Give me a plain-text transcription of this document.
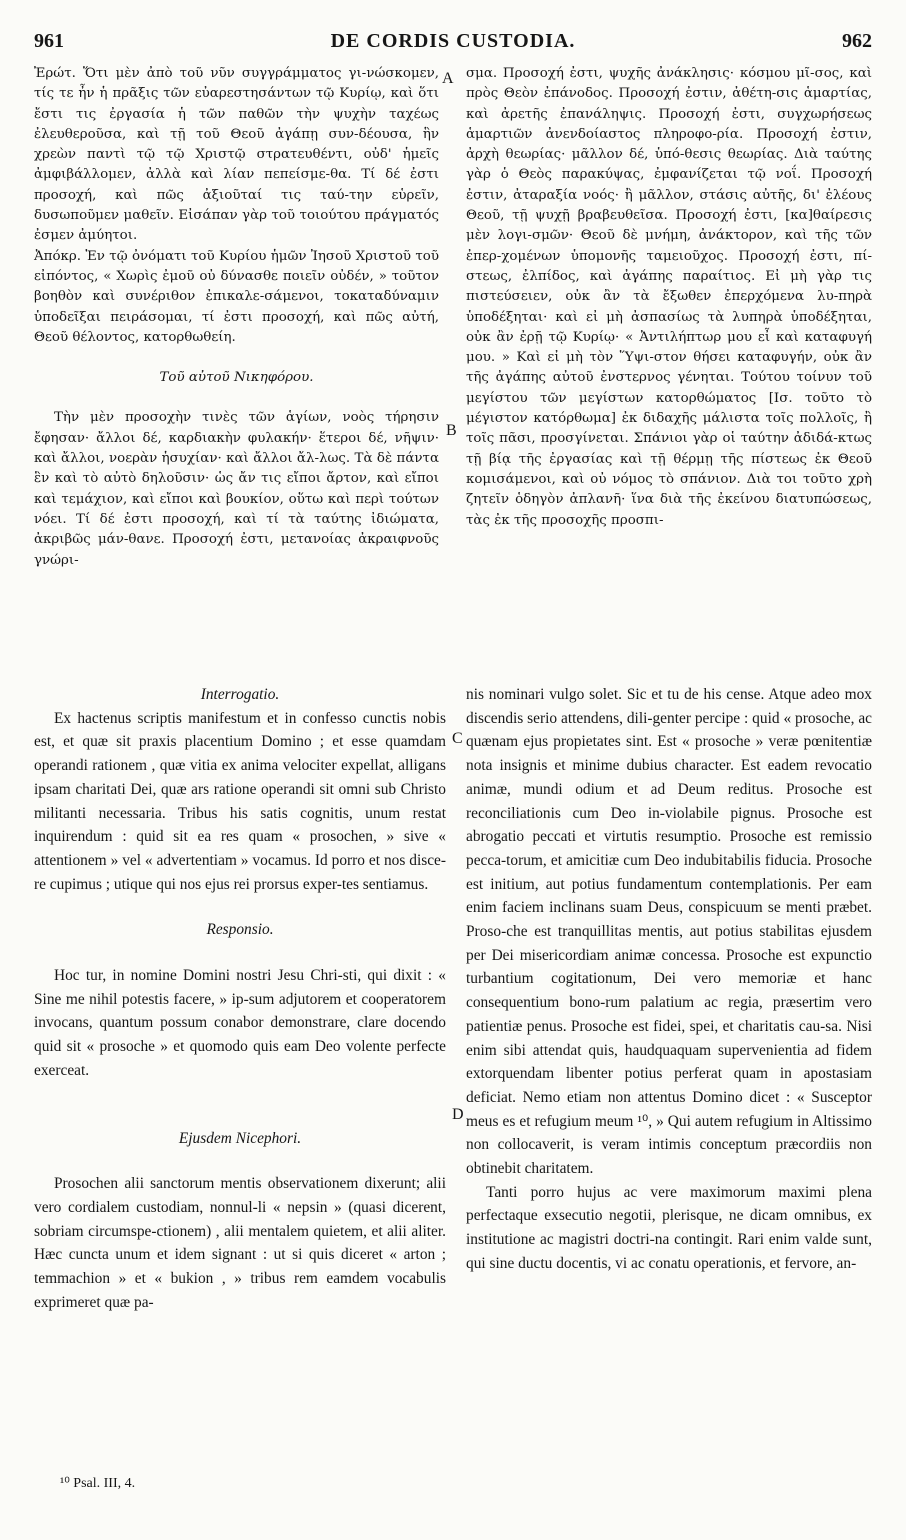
961	DE CORDIS CUSTODIA.	962

Ἐρώτ. Ὅτι μὲν ἀπὸ τοῦ νῦν συγγράμματος γι-νώσκομεν, τίς τε ἦν ἡ πρᾶξις τῶν εὐαρεστησάντων τῷ Κυρίῳ, καὶ ὅτι ἔστι τις ἐργασία ἡ τῶν παθῶν τὴν ψυχὴν ταχέως ἐλευθεροῦσα, καὶ τῇ τοῦ Θεοῦ ἀγάπῃ συν-δέουσα, ἣν χρεὼν παντὶ τῷ τῷ Χριστῷ στρατευθέντι, οὐδ' ἡμεῖς ἀμφιβάλλομεν, ἀλλὰ καὶ λίαν πεπείσμε-θα. Τί δέ ἐστι προσοχή, καὶ πῶς ἀξιοῦταί τις ταύ-την εὑρεῖν, δυσωποῦμεν μαθεῖν. Εἰσάπαν γὰρ τοῦ τοιούτου πράγματός ἐσμεν ἀμύητοι.

Ἀπόκρ. Ἐν τῷ ὀνόματι τοῦ Κυρίου ἡμῶν Ἰησοῦ Χριστοῦ τοῦ εἰπόντος, « Χωρὶς ἐμοῦ οὐ δύνασθε ποιεῖν οὐδέν, » τοῦτον βοηθὸν καὶ συνέριθον ἐπικαλε-σάμενοι, τοκαταδύναμιν ὑποδεῖξαι πειράσομαι, τί ἐστι προσοχή, καὶ πῶς αὐτή, Θεοῦ θέλοντος, κατορθωθείη.

Τοῦ αὐτοῦ Νικηφόρου.

Τὴν μὲν προσοχὴν τινὲς τῶν ἁγίων, νοὸς τήρησιν ἔφησαν· ἄλλοι δέ, καρδιακὴν φυλακήν· ἕτεροι δέ, νῆψιν· καὶ ἄλλοι, νοερὰν ἡσυχίαν· καὶ ἄλλοι ἄλ-λως. Τὰ δὲ πάντα ἓν καὶ τὸ αὐτὸ δηλοῦσιν· ὡς ἄν τις εἴποι ἄρτον, καὶ εἴποι καὶ τεμάχιον, καὶ εἴποι καὶ βουκίον, οὕτω καὶ περὶ τούτων νόει. Τί δέ ἐστι προσοχή, καὶ τί τὰ ταύτης ἰδιώματα, ἀκριβῶς μάν-θανε. Προσοχή ἐστι, μετανοίας ἀκραιφνοῦς γνώρι-

σμα. Προσοχή ἐστι, ψυχῆς ἀνάκλησις· κόσμου μῖ-σος, καὶ πρὸς Θεὸν ἐπάνοδος. Προσοχή ἐστιν, ἀθέτη-σις ἁμαρτίας, καὶ ἀρετῆς ἐπανάληψις. Προσοχή ἐστι, συγχωρήσεως ἁμαρτιῶν ἀνενδοίαστος πληροφο-ρία. Προσοχή ἐστιν, ἀρχὴ θεωρίας· μᾶλλον δέ, ὑπό-θεσις θεωρίας. Διὰ ταύτης γὰρ ὁ Θεὸς παρακύψας, ἐμφανίζεται τῷ νοΐ. Προσοχή ἐστιν, ἀταραξία νοός· ἢ μᾶλλον, στάσις αὐτῆς, δι' ἐλέους Θεοῦ, τῇ ψυχῇ βραβευθεῖσα. Προσοχή ἐστι, [κα]θαίρεσις μὲν λογι-σμῶν· Θεοῦ δὲ μνήμη, ἀνάκτορον, καὶ τῆς τῶν ἐπερ-χομένων ὑπομονῆς ταμειοῦχος. Προσοχή ἐστι, πί-στεως, ἐλπίδος, καὶ ἀγάπης παραίτιος. Εἰ μὴ γὰρ τις πιστεύσειεν, οὐκ ἂν τὰ ἔξωθεν ἐπερχόμενα λυ-πηρὰ ὑποδέξηται· καὶ εἰ μὴ ἀσπασίως τὰ λυπηρὰ ὑποδέξηται, οὐκ ἂν ἐρῇ τῷ Κυρίῳ· « Ἀντιλήπτωρ μου εἶ καὶ καταφυγή μου. » Καὶ εἰ μὴ τὸν Ὕψι-στον θήσει καταφυγήν, οὐκ ἂν τῆς ἀγάπης αὐτοῦ ἐνστερνος γένηται. Τούτου τοίνυν τοῦ μεγίστου τῶν μεγίστων κατορθώματος [Ισ. τοῦτο τὸ μέγιστον κατόρθωμα] ἐκ διδαχῆς μάλιστα τοῖς πολλοῖς, ἢ τοῖς πᾶσι, προσγίνεται. Σπάνιοι γὰρ οἱ ταύτην ἀδιδά-κτως τῇ βίᾳ τῆς ἐργασίας καὶ τῇ θέρμῃ τῆς πίστεως ἐκ Θεοῦ κομισάμενοι, καὶ οὐ νόμος τὸ σπάνιον. Διὰ τοι τοῦτο χρὴ ζητεῖν ὁδηγὸν ἀπλανῆ· ἵνα διὰ τῆς ἐκείνου διατυπώσεως, τὰς ἐκ τῆς προσοχῆς προσπι-

A
B
C
D

Interrogatio.

Ex hactenus scriptis manifestum et in confesso cunctis nobis est, et quæ sit praxis placentium Domino ; et esse quamdam operandi rationem , quæ vitia ex anima velociter expellat, alligans ipsam charitati Dei, quæ ars ratione operandi sit omni sub Christo militanti necessaria. Tribus his satis cognitis, unum restat inquirendum : quid sit ea res quam « prosochen, » sive « attentionem » vel « advertentiam » vocamus. Id porro et nos disce-re cupimus ; utique qui nos ejus rei prorsus exper-tes sentiamus.

Responsio.

Hoc tur, in nomine Domini nostri Jesu Chri-sti, qui dixit : « Sine me nihil potestis facere, » ip-sum adjutorem et cooperatorem invocans, quantum possum conabor demonstrare, clare docendo quid sit « prosoche » et quomodo quis eam Deo volente perfecte exerceat.

Ejusdem Nicephori.

Prosochen alii sanctorum mentis observationem dixerunt; alii vero cordialem custodiam, nonnul-li « nepsin » (quasi dicerent, sobriam circumspe-ctionem) , alii mentalem quietem, et alii aliter. Hæc cuncta unum et idem signant : ut si quis diceret « arton ; temmachion » et « bukion , » tribus rem eamdem vocabulis exprimeret quæ pa-

nis nominari vulgo solet. Sic et tu de his cense. Atque adeo mox discendis serio attendens, dili-genter percipe : quid « prosoche, ac quænam ejus propietates sint. Est « prosoche » veræ pœnitentiæ nota insignis et minime dubius character. Est eadem revocatio animæ, mundi odium et ad Deum reditus. Prosoche est reconciliationis cum Deo in-violabile pignus. Prosoche est abrogatio peccati et virtutis resumptio. Prosoche est remissio pecca-torum, et amicitiæ cum Deo indubitabilis fiducia. Prosoche est initium, aut potius fundamentum contemplationis. Per eam enim faciem inclinans suam Deus, conspicuum se menti præbet. Proso-che est tranquillitas mentis, aut potius stabilitas ejusdem per Dei misericordiam animæ concessa. Prosoche est expunctio turbantium cogitationum, Dei vero memoriæ et hanc consequentium bono-rum palatium ac regia, præsertim vero patientiæ penus. Prosoche est fidei, spei, et charitatis cau-sa. Nisi enim sibi attendat quis, haudquaquam supervenientia ad fidem extorquendam libenter potius perferat quam in apostasiam deficiat. Nemo etiam non attentus Domino dicet : « Susceptor meus es et refugium meum ¹⁰, » Qui autem refugium in Altissimo non collocaverit, is veram intimis conceptum præcordiis non obtinebit charitatem.

Tanti porro hujus ac vere maximorum maximi plena perfectaque exsecutio negotii, plerisque, ne dicam omnibus, ex institutione ac magistri doctri-na contingit. Rari enim valde sunt, qui sine ductu docentis, vi ac conatu operationis, et fervore, an-

¹⁰ Psal. III, 4.
